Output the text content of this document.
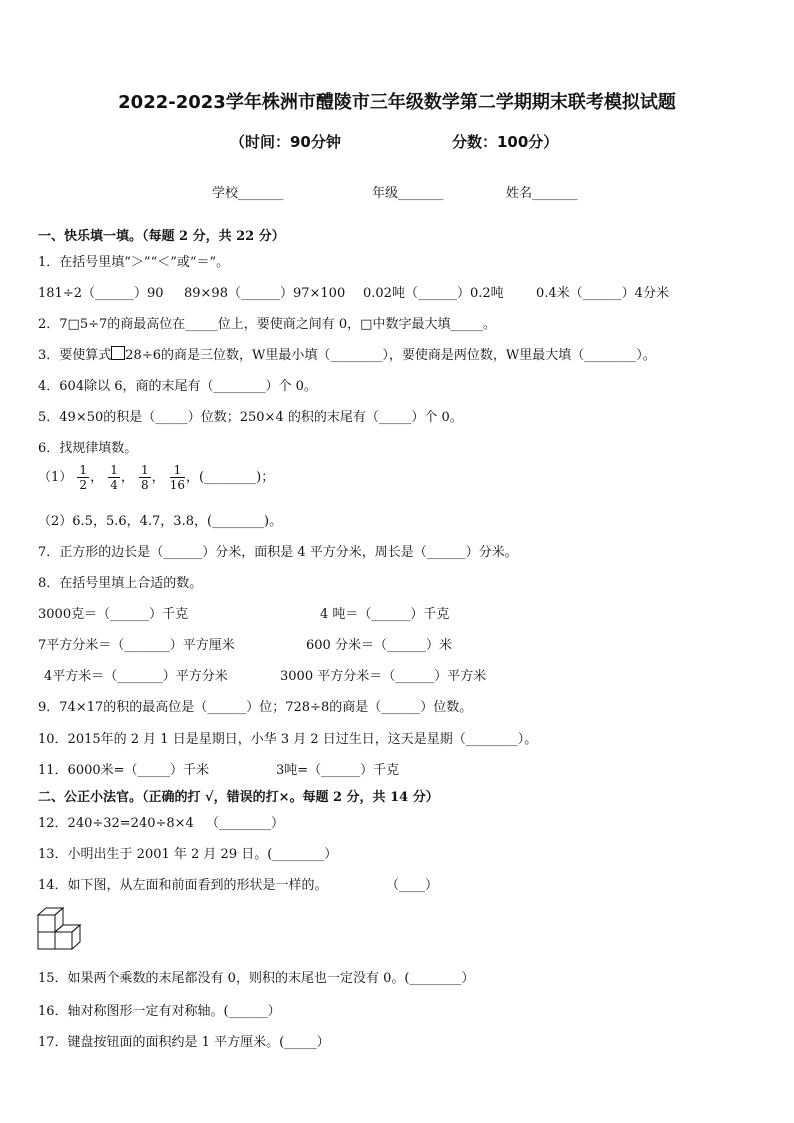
2022-2023学年株洲市醴陵市三年级数学第二学期期末联考模拟试题
（时间：90分钟	分数：100分）
学校_______	年级_______	姓名_______
一、快乐填一填。（每题 2 分，共 22 分）
1．在括号里填“＞”“＜”或“＝”。
181÷2（______）90 89×98（______）97×100 0.02吨（______）0.2吨 0.4米（______）4分米
2．7□5÷7的商最高位在_____位上，要使商之间有 0，□中数字最大填_____。
3．要使算式 28÷6的商是三位数，W里最小填（________），要使商是两位数，W里最大填（________）。
4．604除以 6，商的末尾有（________）个 0。
5．49×50的积是（_____）位数；250×4 的积的末尾有（_____）个 0。
6．找规律填数。
$(1) \frac{1}{2}$ ， $\frac{1}{4}$ ， $\frac{1}{8}$ ， $\frac{1}{16}$ ，(________)；
（2）6.5，5.6，4.7，3.8，(________)。
7．正方形的边长是（______）分米，面积是 4 平方分米，周长是（______）分米。
8．在括号里填上合适的数。
3000克＝（______）千克	4 吨＝（______）千克
7平方分米＝（_______）平方厘米	600 分米＝（______）米
4平方米＝（_______）平方分米	3000 平方分米＝（______）平方米
9．74×17的积的最高位是（______）位；728÷8的商是（______）位数。
10．2015年的 2 月 1 日是星期日，小华 3 月 2 日过生日，这天是星期（________）。
11．6000米=（_____）千米	3吨=（______）千克
二、公正小法官。（正确的打 √，错误的打×。每题 2 分，共 14 分）
12．240÷32=240÷8×4 （________）
13．小明出生于 2001 年 2 月 29 日。(________）
14．如下图，从左面和前面看到的形状是一样的。	（____）
15．如果两个乘数的末尾都没有 0，则积的末尾也一定没有 0。(________）
16．轴对称图形一定有对称轴。(______）
17．键盘按钮面的面积约是 1 平方厘米。(_____）
